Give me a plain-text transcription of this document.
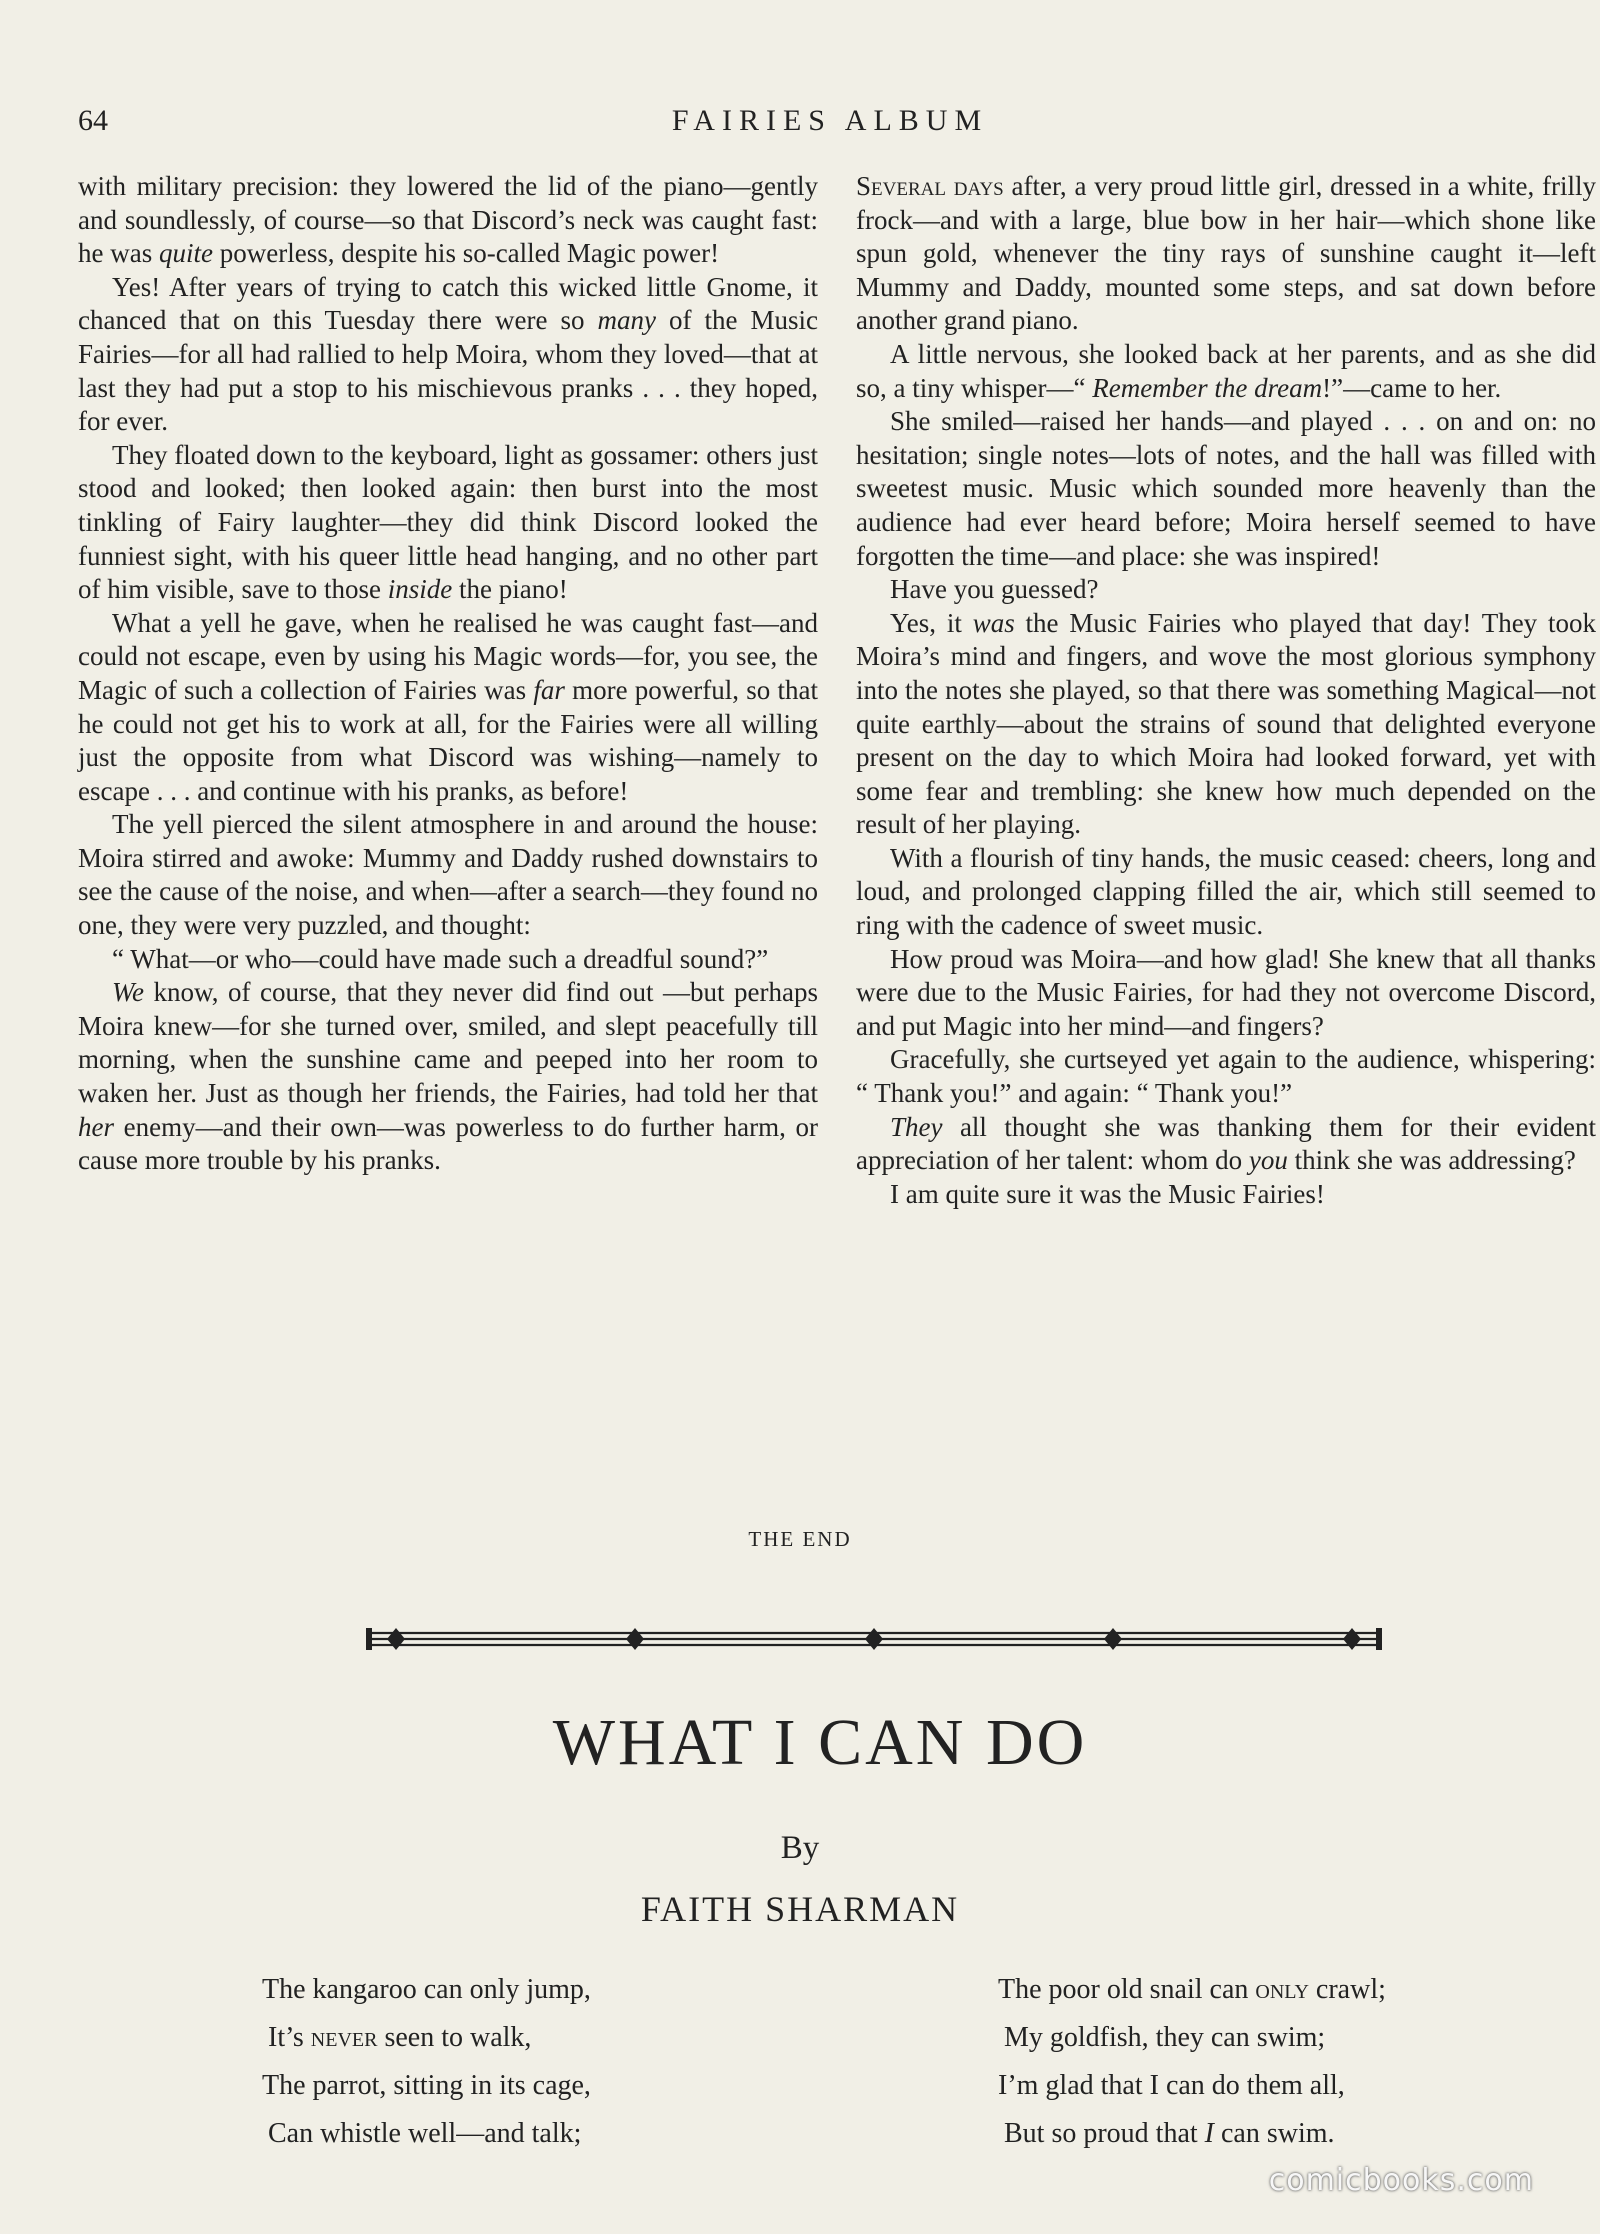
64	FAIRIES ALBUM

with military precision: they lowered the lid of the piano—gently and soundlessly, of course—so that Discord’s neck was caught fast: he was quite powerless, despite his so-called Magic power!

Yes! After years of trying to catch this wicked little Gnome, it chanced that on this Tuesday there were so many of the Music Fairies—for all had rallied to help Moira, whom they loved—that at last they had put a stop to his mischievous pranks . . . they hoped, for ever.

They floated down to the keyboard, light as gossamer: others just stood and looked; then looked again: then burst into the most tinkling of Fairy laughter—they did think Discord looked the funniest sight, with his queer little head hanging, and no other part of him visible, save to those inside the piano!

What a yell he gave, when he realised he was caught fast—and could not escape, even by using his Magic words—for, you see, the Magic of such a collection of Fairies was far more powerful, so that he could not get his to work at all, for the Fairies were all willing just the opposite from what Discord was wishing—namely to escape . . . and continue with his pranks, as before!

The yell pierced the silent atmosphere in and around the house: Moira stirred and awoke: Mummy and Daddy rushed downstairs to see the cause of the noise, and when—after a search—they found no one, they were very puzzled, and thought:

“ What—or who—could have made such a dreadful sound?”

We know, of course, that they never did find out —but perhaps Moira knew—for she turned over, smiled, and slept peacefully till morning, when the sunshine came and peeped into her room to waken her. Just as though her friends, the Fairies, had told her that her enemy—and their own—was powerless to do further harm, or cause more trouble by his pranks.

Several days after, a very proud little girl, dressed in a white, frilly frock—and with a large, blue bow in her hair—which shone like spun gold, whenever the tiny rays of sunshine caught it—left Mummy and Daddy, mounted some steps, and sat down before another grand piano.

A little nervous, she looked back at her parents, and as she did so, a tiny whisper—“ Remember the dream!”—came to her.

She smiled—raised her hands—and played . . . on and on: no hesitation; single notes—lots of notes, and the hall was filled with sweetest music. Music which sounded more heavenly than the audience had ever heard before; Moira herself seemed to have forgotten the time—and place: she was inspired!

Have you guessed?

Yes, it was the Music Fairies who played that day! They took Moira’s mind and fingers, and wove the most glorious symphony into the notes she played, so that there was something Magical—not quite earthly—about the strains of sound that delighted everyone present on the day to which Moira had looked forward, yet with some fear and trembling: she knew how much depended on the result of her playing.

With a flourish of tiny hands, the music ceased: cheers, long and loud, and prolonged clapping filled the air, which still seemed to ring with the cadence of sweet music.

How proud was Moira—and how glad! She knew that all thanks were due to the Music Fairies, for had they not overcome Discord, and put Magic into her mind—and fingers?

Gracefully, she curtseyed yet again to the audience, whispering: “ Thank you!” and again: “ Thank you!”

They all thought she was thanking them for their evident appreciation of her talent: whom do you think she was addressing?

I am quite sure it was the Music Fairies!

THE END
WHAT I CAN DO
By
FAITH SHARMAN
The kangaroo can only jump,
It’s never seen to walk,
The parrot, sitting in its cage,
Can whistle well—and talk;
The poor old snail can only crawl;
My goldfish, they can swim;
I’m glad that I can do them all,
But so proud that I can swim.
comicbooks.com
